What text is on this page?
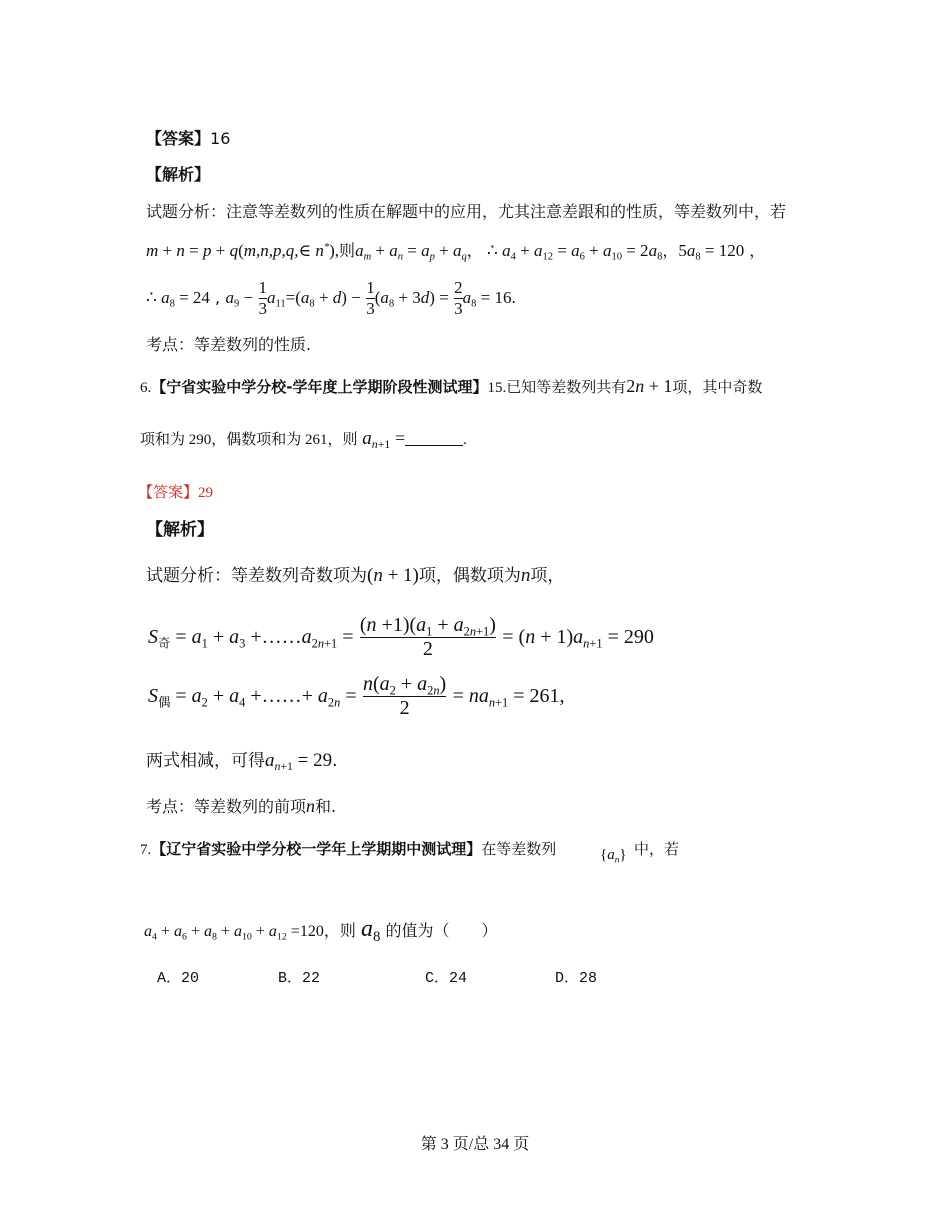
【答案】16
【解析】
试题分析：注意等差数列的性质在解题中的应用，尤其注意差跟和的性质，等差数列中，若
m + n = p + q(m,n,p,q,∈ n*),则$a_m + a_n = a_p + a_q$， ∴ $a_4 + a_{12} = a_6 + a_{10} = 2a_8$，$5a_8 = 120$ ，
∴ $a_8 = 24$ , $a_9 - \frac{1}{3} a_{11}=(a_8 + d) - \frac{1}{3} (a_8 + 3d) = \frac{2}{3} a_8 = 16$.
考点：等差数列的性质.
6.【宁省实验中学分校-学年度上学期阶段性测试理】15.已知等差数列共有2n + 1项，其中奇数
项和为 290，偶数项和为 261，则 $a_{n+1}$ =	.
【答案】29
【解析】
试题分析：等差数列奇数项为(n + 1)项，偶数项为n项，
$S_奇 = a_1 + a_3$ $+\dots\dots a_{2n+1} = \frac{(n +1)(a_1 + a_{2n+1})}{2} = (n + 1)a_{n+1} = 290$
$S_偶 = a_2 + a_4$ +……+ $a_{2n} = \frac{n(a_2 + a_{2n})}{2} = na_{n+1} = 261$,
两式相减，可得$a_{n+1} = 29$.
考点：等差数列的前项n和.
7.【辽宁省实验中学分校一学年上学期期中测试理】在等差数列	$\{a_n\}$ 中，若
$a_4 + a_6 + a_8 + a_{10} + a_{12} =120$，则 $a_8$ 的值为（　　）
A．20	B．22	C．24	D．28
第 3 页/总 34 页
